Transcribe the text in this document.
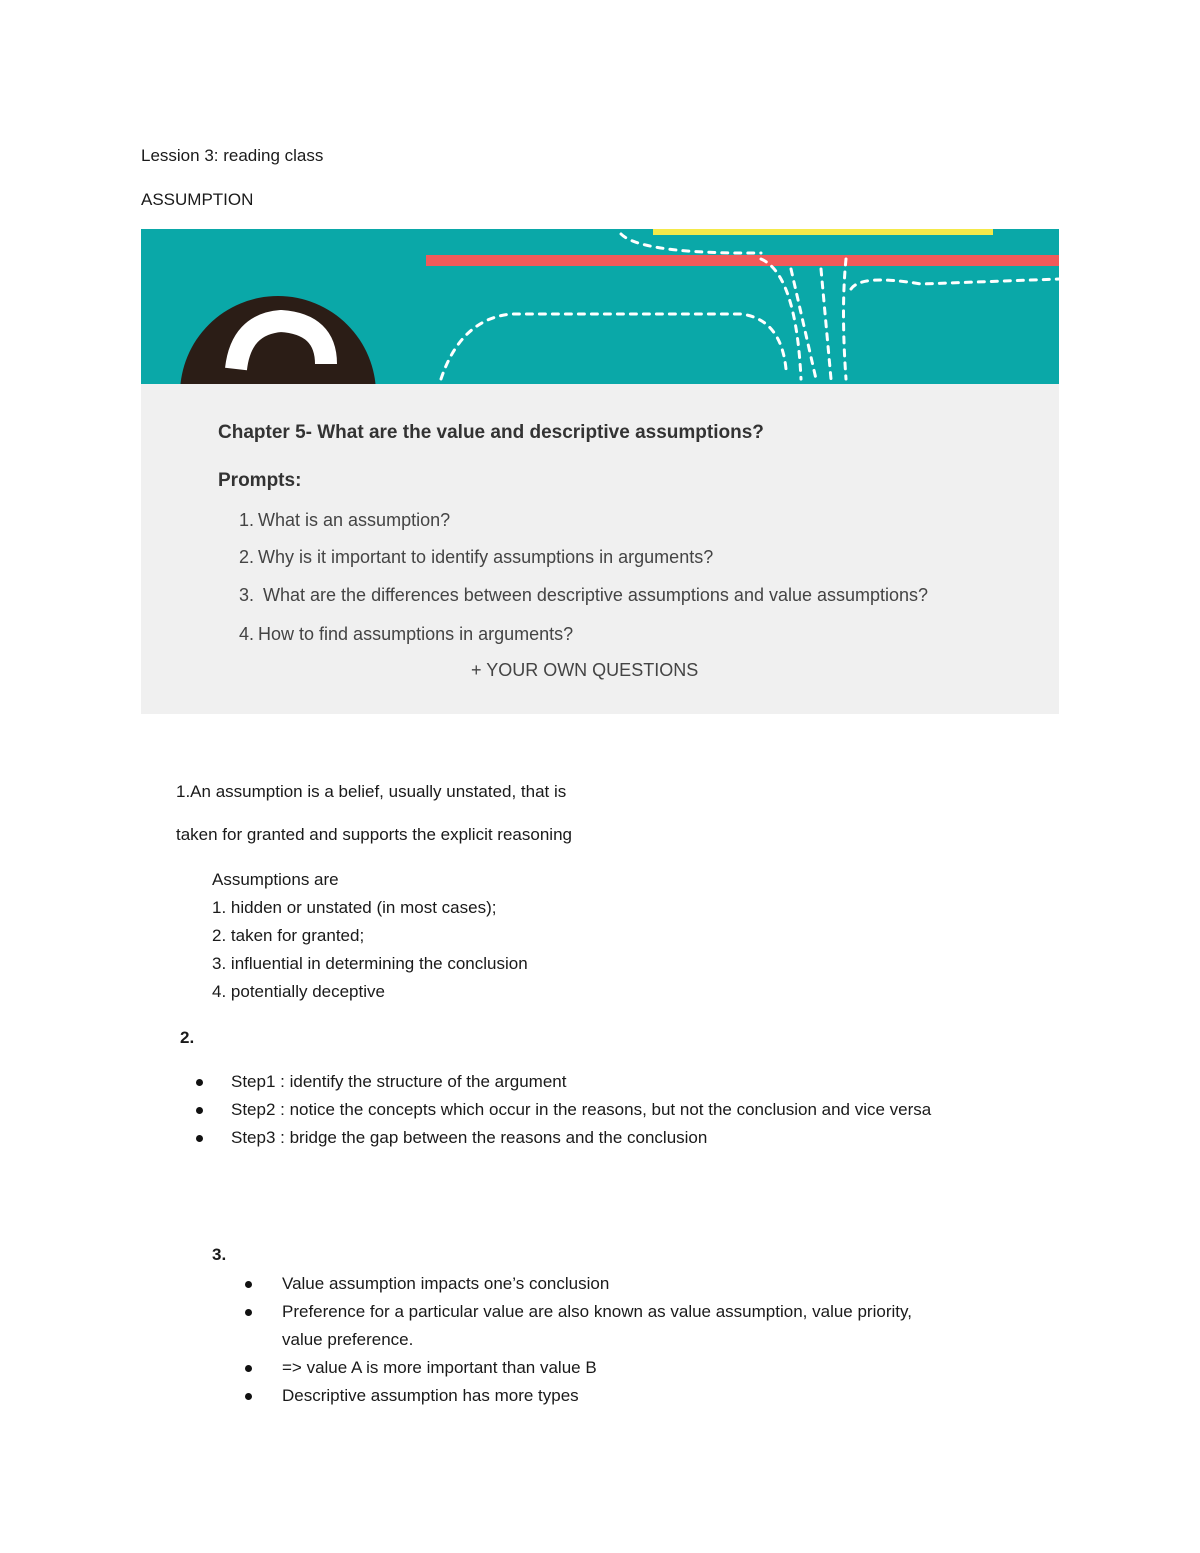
Lession 3: reading class
ASSUMPTION
Chapter 5- What are the value and descriptive assumptions?
Prompts:
1. What is an assumption?
2. Why is it important to identify assumptions in arguments?
3. What are the differences between descriptive assumptions and value assumptions?
4. How to find assumptions in arguments?
+ YOUR OWN QUESTIONS
1.An assumption is a belief, usually unstated, that is
taken for granted and supports the explicit reasoning
Assumptions are
1. hidden or unstated (in most cases);
2. taken for granted;
3. influential in determining the conclusion
4. potentially deceptive
2.
Step1 : identify the structure of the argument
Step2 : notice the concepts which occur in the reasons, but not the conclusion and vice versa
Step3 : bridge the gap between the reasons and the conclusion
3.
Value assumption impacts one’s conclusion
Preference for a particular value are also known as value assumption, value priority,
value preference.
=> value A is more important than value B
Descriptive assumption has more types
